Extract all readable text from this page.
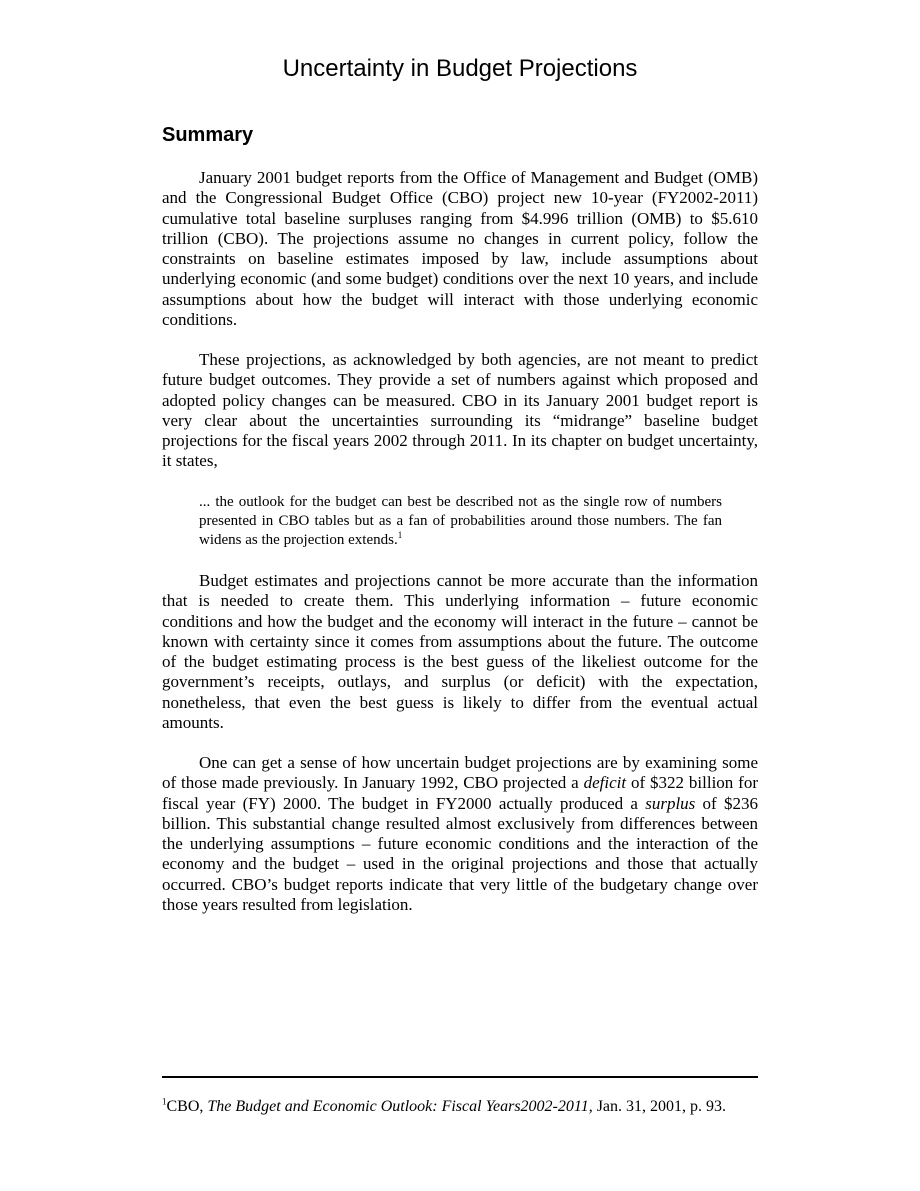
Uncertainty in Budget Projections
Summary

January 2001 budget reports from the Office of Management and Budget (OMB) and the Congressional Budget Office (CBO) project new 10-year (FY2002-2011) cumulative total baseline surpluses ranging from $4.996 trillion (OMB) to $5.610 trillion (CBO). The projections assume no changes in current policy, follow the constraints on baseline estimates imposed by law, include assumptions about underlying economic (and some budget) conditions over the next 10 years, and include assumptions about how the budget will interact with those underlying economic conditions.

These projections, as acknowledged by both agencies, are not meant to predict future budget outcomes. They provide a set of numbers against which proposed and adopted policy changes can be measured. CBO in its January 2001 budget report is very clear about the uncertainties surrounding its “midrange” baseline budget projections for the fiscal years 2002 through 2011. In its chapter on budget uncertainty, it states,

... the outlook for the budget can best be described not as the single row of numbers presented in CBO tables but as a fan of probabilities around those numbers. The fan widens as the projection extends.$^1$

Budget estimates and projections cannot be more accurate than the information that is needed to create them. This underlying information – future economic conditions and how the budget and the economy will interact in the future – cannot be known with certainty since it comes from assumptions about the future. The outcome of the budget estimating process is the best guess of the likeliest outcome for the government’s receipts, outlays, and surplus (or deficit) with the expectation, nonetheless, that even the best guess is likely to differ from the eventual actual amounts.

One can get a sense of how uncertain budget projections are by examining some of those made previously. In January 1992, CBO projected a deficit of $322 billion for fiscal year (FY) 2000. The budget in FY2000 actually produced a surplus of $236 billion. This substantial change resulted almost exclusively from differences between the underlying assumptions – future economic conditions and the interaction of the economy and the budget – used in the original projections and those that actually occurred. CBO’s budget reports indicate that very little of the budgetary change over those years resulted from legislation.

$^1$CBO, The Budget and Economic Outlook: Fiscal Years2002-2011, Jan. 31, 2001, p. 93.
